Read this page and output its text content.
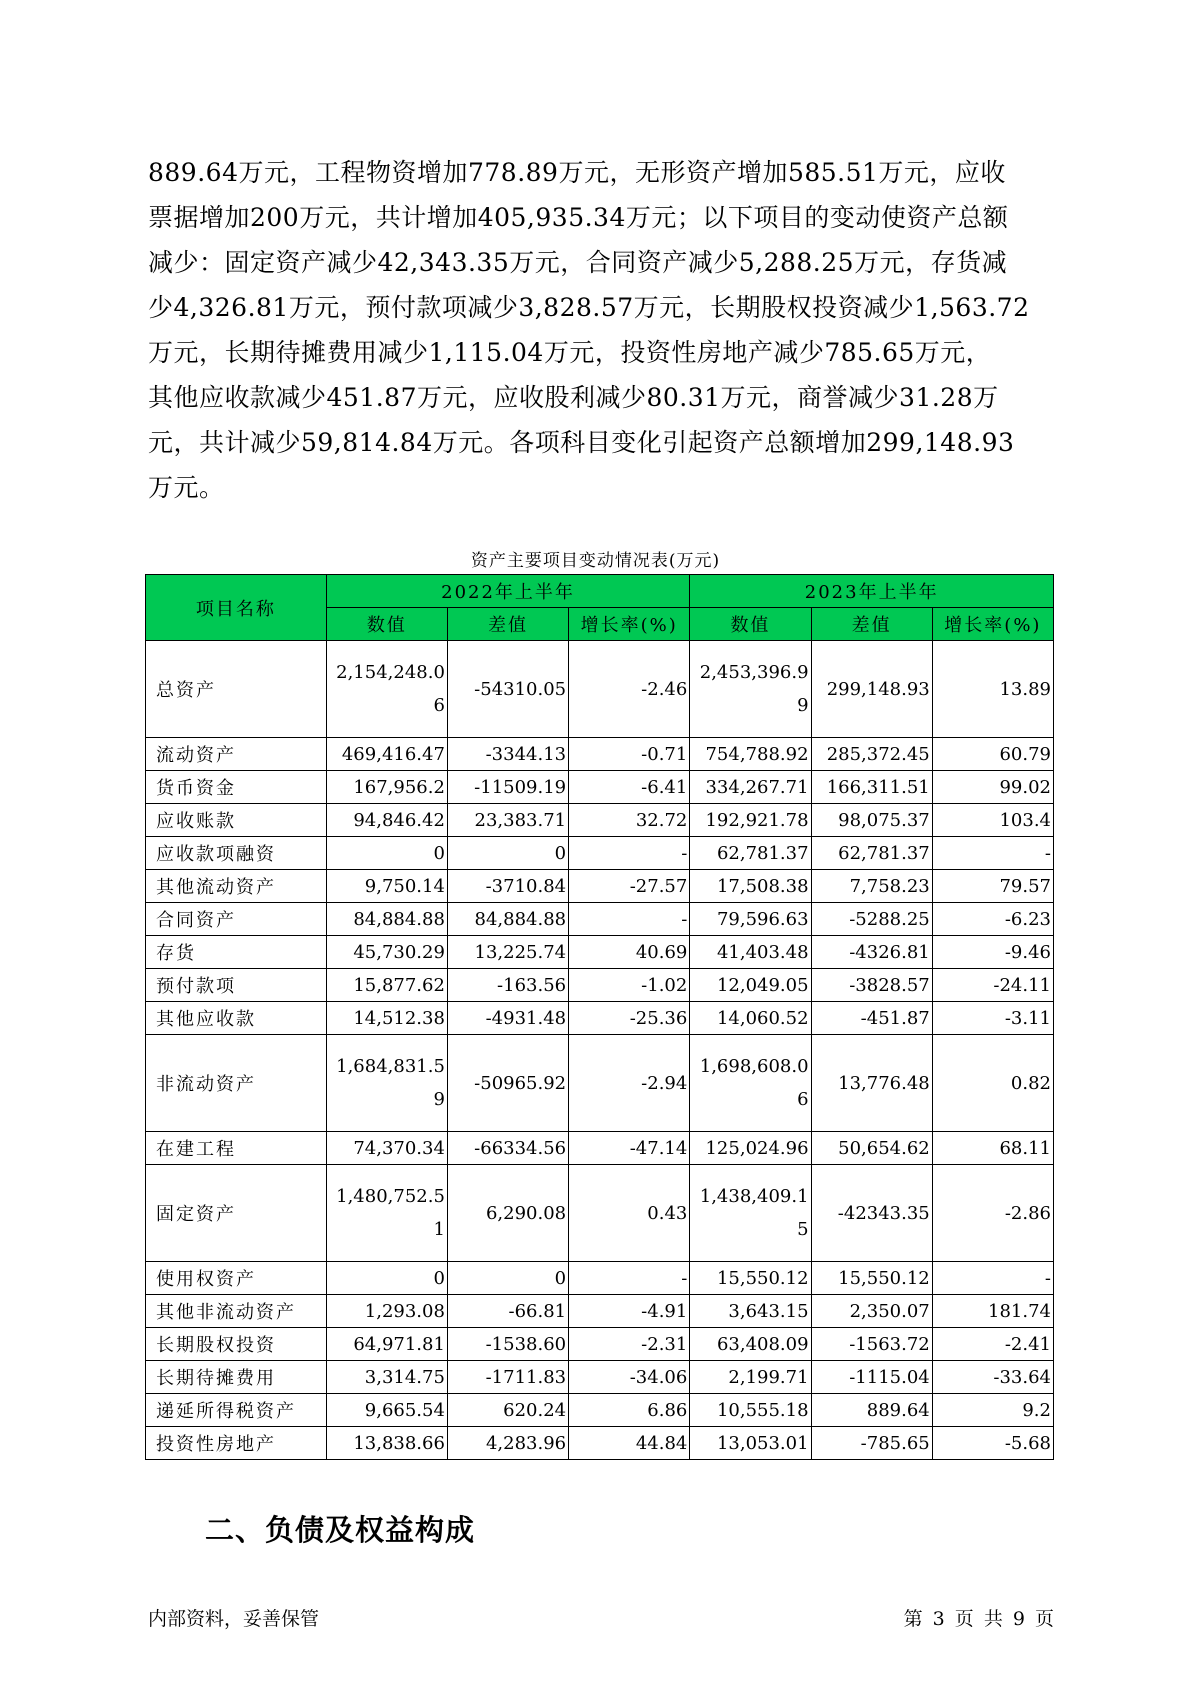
889.64万元，工程物资增加778.89万元，无形资产增加585.51万元，应收
票据增加200万元，共计增加405,935.34万元；以下项目的变动使资产总额
减少：固定资产减少42,343.35万元，合同资产减少5,288.25万元，存货减
少4,326.81万元，预付款项减少3,828.57万元，长期股权投资减少1,563.72
万元，长期待摊费用减少1,115.04万元，投资性房地产减少785.65万元，
其他应收款减少451.87万元，应收股利减少80.31万元，商誉减少31.28万
元，共计减少59,814.84万元。各项科目变化引起资产总额增加299,148.93
万元。
资产主要项目变动情况表(万元)
项目名称	2022年上半年			2023年上半年		
	数值	差值	增长率(%)	数值	差值	增长率(%)
总资产	2,154,248.06	-54310.05	-2.46	2,453,396.99	299,148.93	13.89
流动资产	469,416.47	-3344.13	-0.71	754,788.92	285,372.45	60.79
货币资金	167,956.2	-11509.19	-6.41	334,267.71	166,311.51	99.02
应收账款	94,846.42	23,383.71	32.72	192,921.78	98,075.37	103.4
应收款项融资	0	0	-	62,781.37	62,781.37	-
其他流动资产	9,750.14	-3710.84	-27.57	17,508.38	7,758.23	79.57
合同资产	84,884.88	84,884.88	-	79,596.63	-5288.25	-6.23
存货	45,730.29	13,225.74	40.69	41,403.48	-4326.81	-9.46
预付款项	15,877.62	-163.56	-1.02	12,049.05	-3828.57	-24.11
其他应收款	14,512.38	-4931.48	-25.36	14,060.52	-451.87	-3.11
非流动资产	1,684,831.59	-50965.92	-2.94	1,698,608.06	13,776.48	0.82
在建工程	74,370.34	-66334.56	-47.14	125,024.96	50,654.62	68.11
固定资产	1,480,752.51	6,290.08	0.43	1,438,409.15	-42343.35	-2.86
使用权资产	0	0	-	15,550.12	15,550.12	-
其他非流动资产	1,293.08	-66.81	-4.91	3,643.15	2,350.07	181.74
长期股权投资	64,971.81	-1538.60	-2.31	63,408.09	-1563.72	-2.41
长期待摊费用	3,314.75	-1711.83	-34.06	2,199.71	-1115.04	-33.64
递延所得税资产	9,665.54	620.24	6.86	10,555.18	889.64	9.2
投资性房地产	13,838.66	4,283.96	44.84	13,053.01	-785.65	-5.68
二、负债及权益构成
内部资料，妥善保管	第 3 页 共 9 页
